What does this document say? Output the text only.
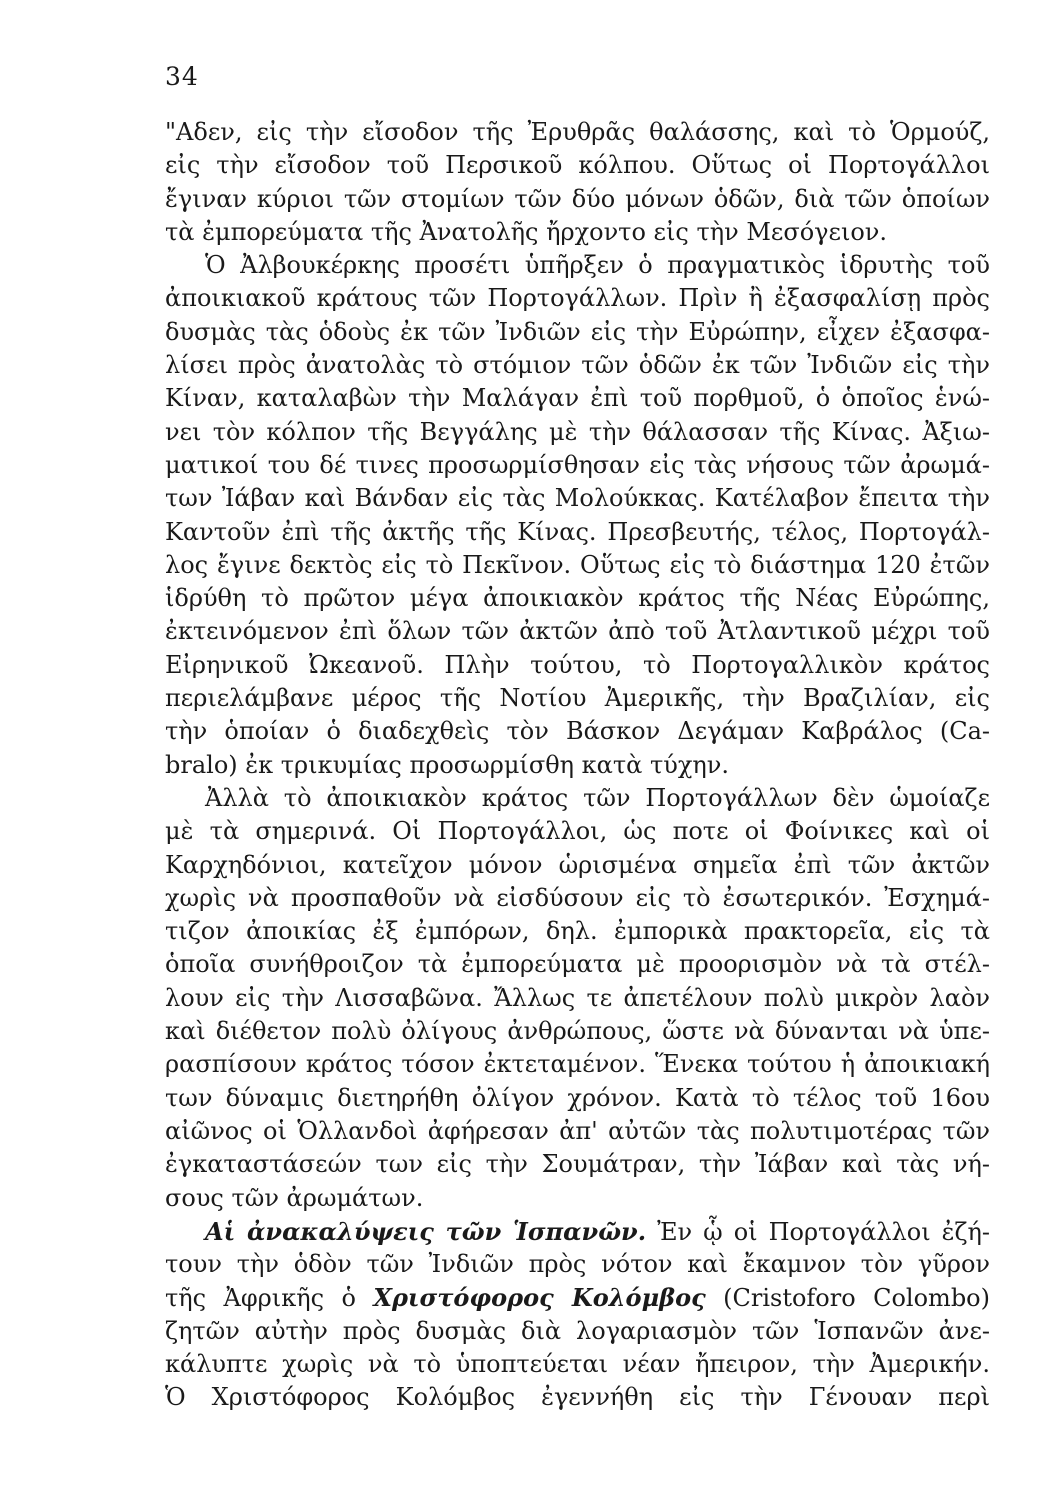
34
"Αδεν, εἰς τὴν εἴσοδον τῆς Ἐρυθρᾶς θαλάσσης, καὶ τὸ Ὁρμούζ,
εἰς τὴν εἴσοδον τοῦ Περσικοῦ κόλπου. Οὕτως οἱ Πορτογάλλοι
ἔγιναν κύριοι τῶν στομίων τῶν δύο μόνων ὁδῶν, διὰ τῶν ὁποίων
τὰ ἐμπορεύματα τῆς Ἀνατολῆς ἤρχοντο εἰς τὴν Μεσόγειον.
Ὁ Ἀλβουκέρκης προσέτι ὑπῆρξεν ὁ πραγματικὸς ἱδρυτὴς τοῦ
ἀποικιακοῦ κράτους τῶν Πορτογάλλων. Πρὶν ἢ ἐξασφαλίσῃ πρὸς
δυσμὰς τὰς ὁδοὺς ἐκ τῶν Ἰνδιῶν εἰς τὴν Εὐρώπην, εἶχεν ἐξασφα-
λίσει πρὸς ἀνατολὰς τὸ στόμιον τῶν ὁδῶν ἐκ τῶν Ἰνδιῶν εἰς τὴν
Κίναν, καταλαβὼν τὴν Μαλάγαν ἐπὶ τοῦ πορθμοῦ, ὁ ὁποῖος ἑνώ-
νει τὸν κόλπον τῆς Βεγγάλης μὲ τὴν θάλασσαν τῆς Κίνας. Ἀξιω-
ματικοί του δέ τινες προσωρμίσθησαν εἰς τὰς νήσους τῶν ἀρωμά-
των Ἰάβαν καὶ Βάνδαν εἰς τὰς Μολούκκας. Κατέλαβον ἔπειτα τὴν
Καντοῦν ἐπὶ τῆς ἀκτῆς τῆς Κίνας. Πρεσβευτής, τέλος, Πορτογάλ-
λος ἔγινε δεκτὸς εἰς τὸ Πεκῖνον. Οὕτως εἰς τὸ διάστημα 120 ἐτῶν
ἱδρύθη τὸ πρῶτον μέγα ἀποικιακὸν κράτος τῆς Νέας Εὐρώπης,
ἐκτεινόμενον ἐπὶ ὅλων τῶν ἀκτῶν ἀπὸ τοῦ Ἀτλαντικοῦ μέχρι τοῦ
Εἰρηνικοῦ Ὠκεανοῦ. Πλὴν τούτου, τὸ Πορτογαλλικὸν κράτος
περιελάμβανε μέρος τῆς Νοτίου Ἀμερικῆς, τὴν Βραζιλίαν, εἰς
τὴν ὁποίαν ὁ διαδεχθεὶς τὸν Βάσκον Δεγάμαν Καβράλος (Ca-
bralo) ἐκ τρικυμίας προσωρμίσθη κατὰ τύχην.
Ἀλλὰ τὸ ἀποικιακὸν κράτος τῶν Πορτογάλλων δὲν ὡμοίαζε
μὲ τὰ σημερινά. Οἱ Πορτογάλλοι, ὡς ποτε οἱ Φοίνικες καὶ οἱ
Καρχηδόνιοι, κατεῖχον μόνον ὡρισμένα σημεῖα ἐπὶ τῶν ἀκτῶν
χωρὶς νὰ προσπαθοῦν νὰ εἰσδύσουν εἰς τὸ ἐσωτερικόν. Ἐσχημά-
τιζον ἀποικίας ἐξ ἐμπόρων, δηλ. ἐμπορικὰ πρακτορεῖα, εἰς τὰ
ὁποῖα συνήθροιζον τὰ ἐμπορεύματα μὲ προορισμὸν νὰ τὰ στέλ-
λουν εἰς τὴν Λισσαβῶνα. Ἄλλως τε ἀπετέλουν πολὺ μικρὸν λαὸν
καὶ διέθετον πολὺ ὀλίγους ἀνθρώπους, ὥστε νὰ δύνανται νὰ ὑπε-
ρασπίσουν κράτος τόσον ἐκτεταμένον. Ἕνεκα τούτου ἡ ἀποικιακή
των δύναμις διετηρήθη ὀλίγον χρόνον. Κατὰ τὸ τέλος τοῦ 16ου
αἰῶνος οἱ Ὁλλανδοὶ ἀφήρεσαν ἀπ' αὐτῶν τὰς πολυτιμοτέρας τῶν
ἐγκαταστάσεών των εἰς τὴν Σουμάτραν, τὴν Ἰάβαν καὶ τὰς νή-
σους τῶν ἀρωμάτων.
Αἱ ἀνακαλύψεις τῶν Ἱσπανῶν. Ἐν ᾧ οἱ Πορτογάλλοι ἐζή-
τουν τὴν ὁδὸν τῶν Ἰνδιῶν πρὸς νότον καὶ ἔκαμνον τὸν γῦρον
τῆς Ἀφρικῆς ὁ Χριστόφορος Κολόμβος (Cristoforo Colombo)
ζητῶν αὐτὴν πρὸς δυσμὰς διὰ λογαριασμὸν τῶν Ἱσπανῶν ἀνε-
κάλυπτε χωρὶς νὰ τὸ ὑποπτεύεται νέαν ἤπειρον, τὴν Ἀμερικήν.
Ὁ Χριστόφορος Κολόμβος ἐγεννήθη εἰς τὴν Γένουαν περὶ
